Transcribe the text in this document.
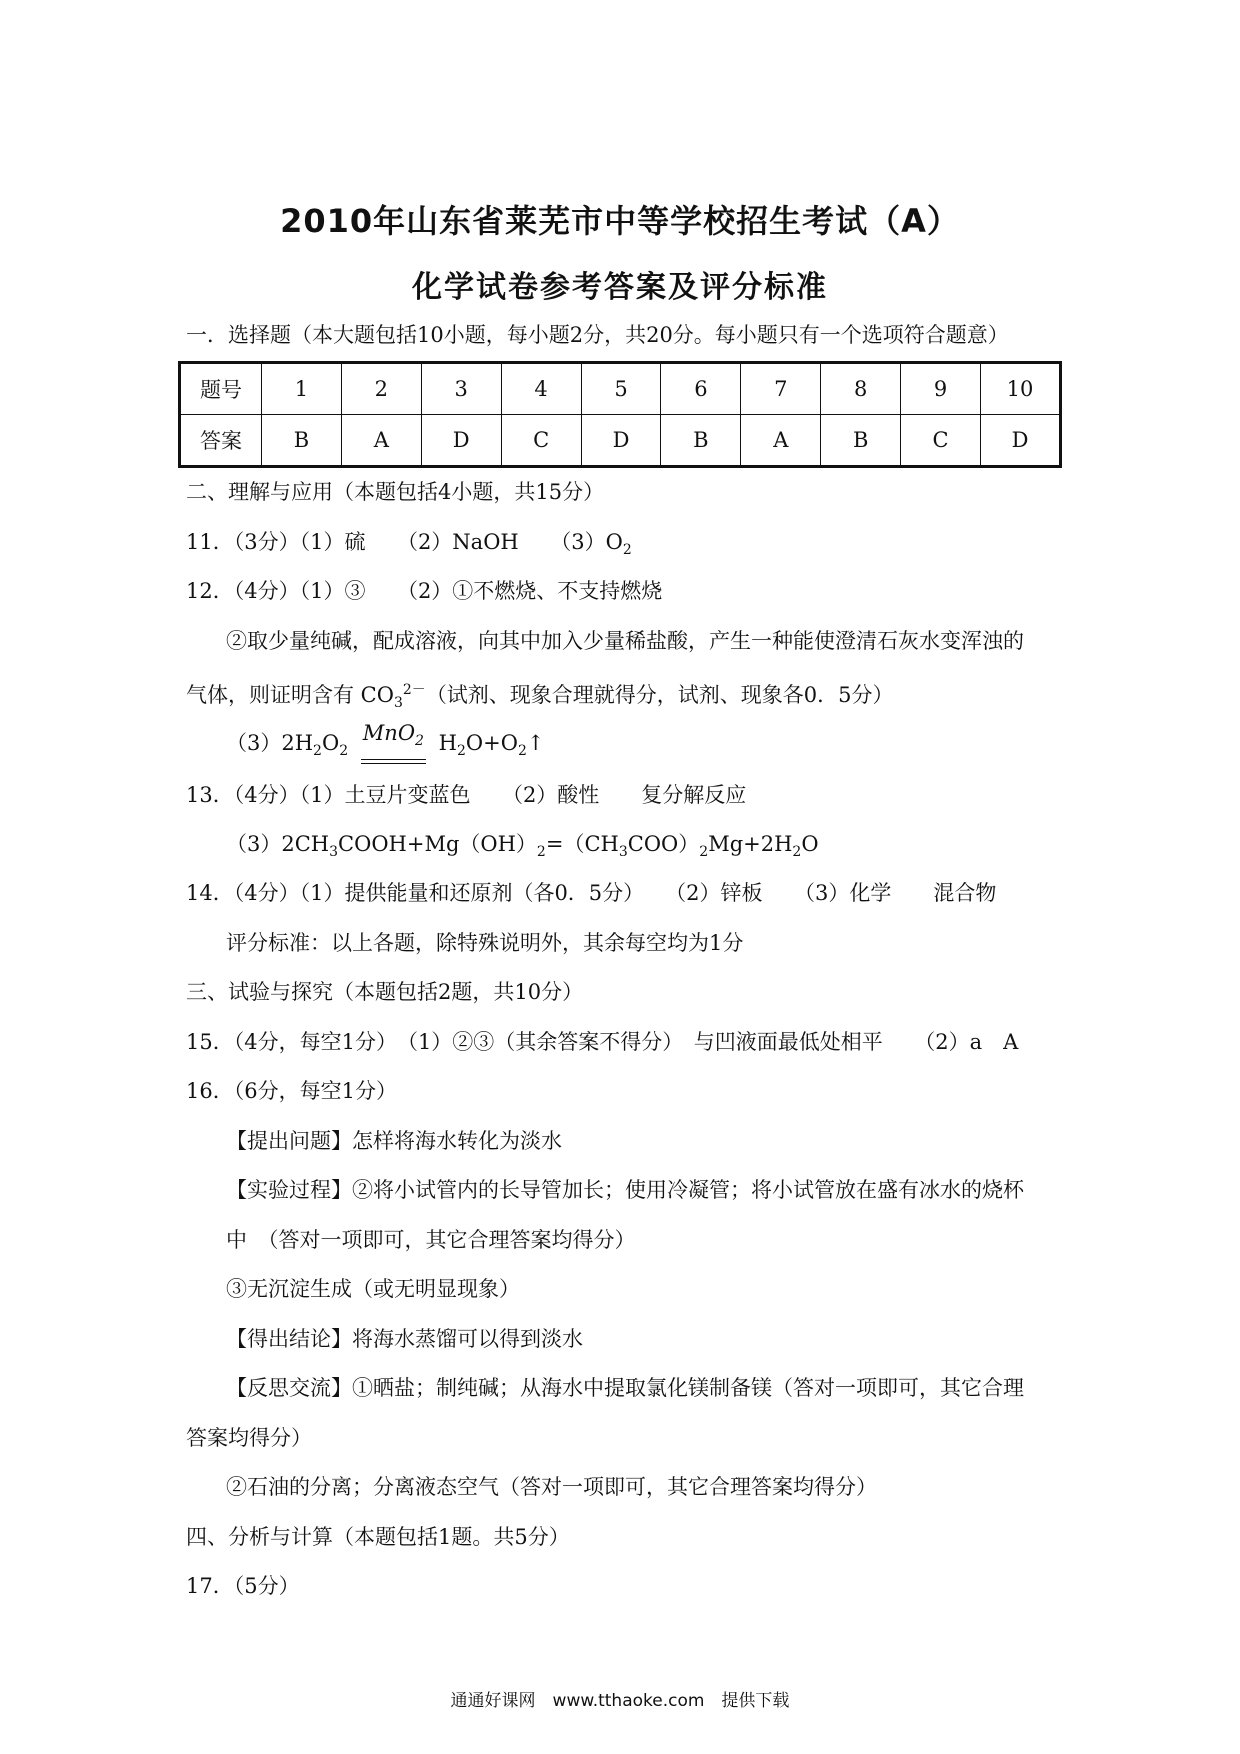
2010年山东省莱芜市中等学校招生考试（A）
化学试卷参考答案及评分标准
一．选择题（本大题包括10小题，每小题2分，共20分。每小题只有一个选项符合题意）
题号	1	2	3	4	5	6	7	8	9	10
答案	B	A	D	C	D	B	A	B	C	D
二、理解与应用（本题包括4小题，共15分）
11．（3分）（1）硫　　（2）NaOH　　$(3)O_2$
12．（4分）（1）③　　（2）①不燃烧、不支持燃烧
②取少量纯碱，配成溶液，向其中加入少量稀盐酸，产生一种能使澄清石灰水变浑浊的
气体，则证明含有 $CO_3^{2-}$（试剂、现象合理就得分，试剂、现象各0．5分）
$(3)2H_2O_2$ MnO$_2$ $H_2O+O_2↑$
13．（4分）（1）土豆片变蓝色　　（2）酸性　　复分解反应
$(3)2CH_3COOH+Mg(OH)_2=(CH_3COO)_2Mg+2H_2O$
14．（4分）（1）提供能量和还原剂（各0．5分）　　（2）锌板　　（3）化学　　混合物
评分标准：以上各题，除特殊说明外，其余每空均为1分
三、试验与探究（本题包括2题，共10分）
15．（4分，每空1分）　（1）②③（其余答案不得分）　与凹液面最低处相平　　（2）a　A
16．（6分，每空1分）
【提出问题】怎样将海水转化为淡水
【实验过程】②将小试管内的长导管加长；使用冷凝管；将小试管放在盛有冰水的烧杯
中　（答对一项即可，其它合理答案均得分）
③无沉淀生成（或无明显现象）
【得出结论】将海水蒸馏可以得到淡水
【反思交流】①晒盐；制纯碱；从海水中提取氯化镁制备镁（答对一项即可，其它合理
答案均得分）
②石油的分离；分离液态空气（答对一项即可，其它合理答案均得分）
四、分析与计算（本题包括1题。共5分）
17．（5分）
通通好课网　www.tthaoke.com　提供下载
